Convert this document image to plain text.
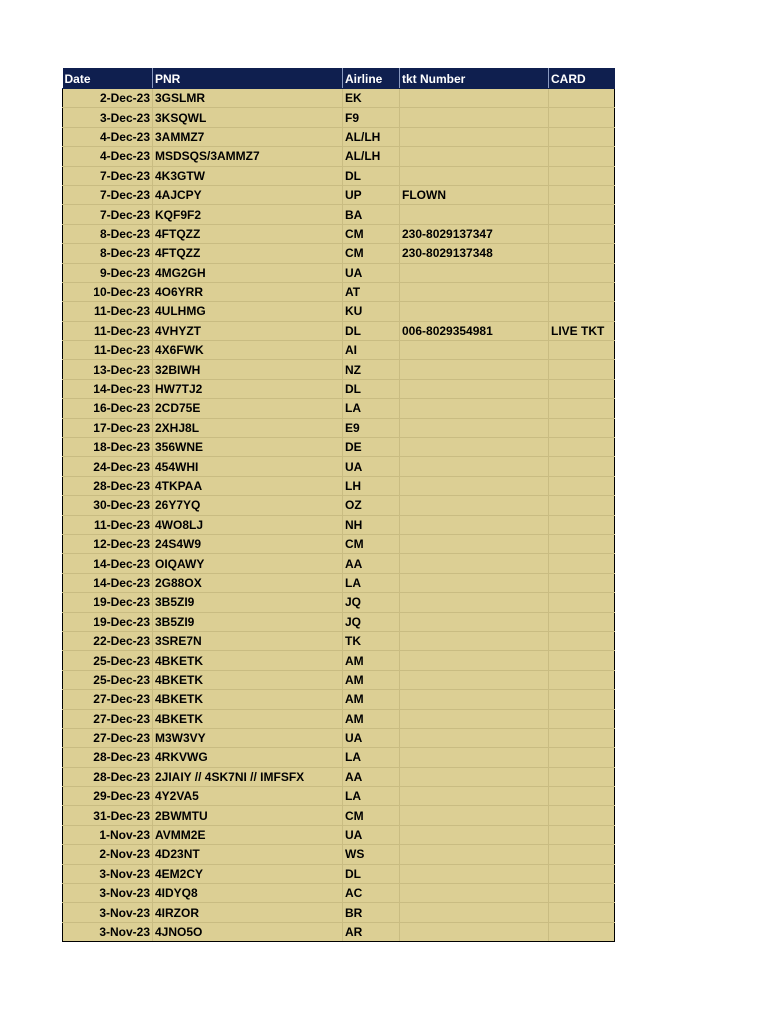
Date	PNR	Airline	tkt Number	CARD
2-Dec-23	3GSLMR	EK		
3-Dec-23	3KSQWL	F9		
4-Dec-23	3AMMZ7	AL/LH		
4-Dec-23	MSDSQS/3AMMZ7	AL/LH		
7-Dec-23	4K3GTW	DL		
7-Dec-23	4AJCPY	UP	FLOWN	
7-Dec-23	KQF9F2	BA		
8-Dec-23	4FTQZZ	CM	230-8029137347	
8-Dec-23	4FTQZZ	CM	230-8029137348	
9-Dec-23	4MG2GH	UA		
10-Dec-23	4O6YRR	AT		
11-Dec-23	4ULHMG	KU		
11-Dec-23	4VHYZT	DL	006-8029354981	LIVE TKT
11-Dec-23	4X6FWK	AI		
13-Dec-23	32BIWH	NZ		
14-Dec-23	HW7TJ2	DL		
16-Dec-23	2CD75E	LA		
17-Dec-23	2XHJ8L	E9		
18-Dec-23	356WNE	DE		
24-Dec-23	454WHI	UA		
28-Dec-23	4TKPAA	LH		
30-Dec-23	26Y7YQ	OZ		
11-Dec-23	4WO8LJ	NH		
12-Dec-23	24S4W9	CM		
14-Dec-23	OIQAWY	AA		
14-Dec-23	2G88OX	LA		
19-Dec-23	3B5ZI9	JQ		
19-Dec-23	3B5ZI9	JQ		
22-Dec-23	3SRE7N	TK		
25-Dec-23	4BKETK	AM		
25-Dec-23	4BKETK	AM		
27-Dec-23	4BKETK	AM		
27-Dec-23	4BKETK	AM		
27-Dec-23	M3W3VY	UA		
28-Dec-23	4RKVWG	LA		
28-Dec-23	2JIAIY // 4SK7NI // IMFSFX	AA		
29-Dec-23	4Y2VA5	LA		
31-Dec-23	2BWMTU	CM		
1-Nov-23	AVMM2E	UA		
2-Nov-23	4D23NT	WS		
3-Nov-23	4EM2CY	DL		
3-Nov-23	4IDYQ8	AC		
3-Nov-23	4IRZOR	BR		
3-Nov-23	4JNO5O	AR		
